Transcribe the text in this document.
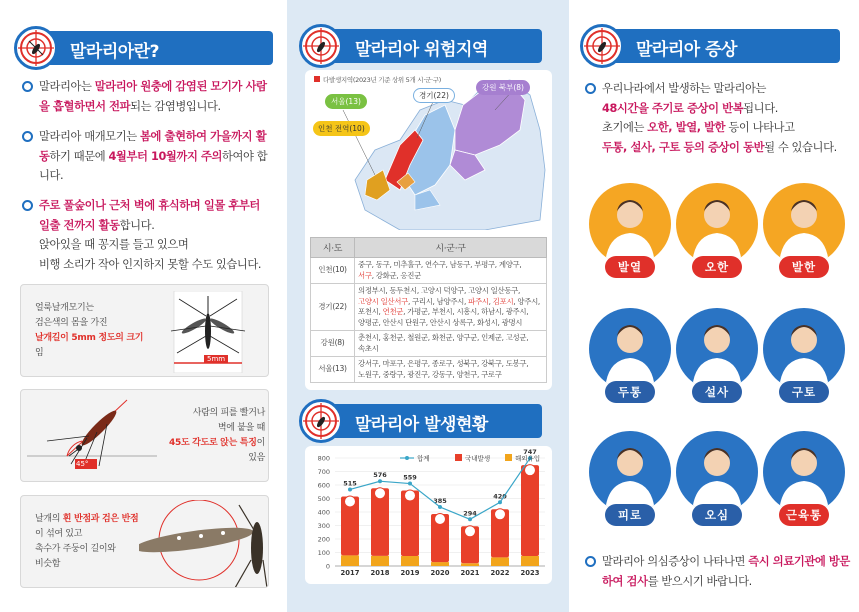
말라리아란?
말라리아는 말라리아 원충에 감염된 모기가 사람을 흡혈하면서 전파되는 감염병입니다.
말라리아 매개모기는 봄에 출현하여 가을까지 활동하기 때문에 4월부터 10월까지 주의하여야 합니다.
주로 풀숲이나 근처 벽에 휴식하며 일몰 후부터 일출 전까지 활동합니다.
앉아있을 때 꽁지를 들고 있으며
비행 소리가 작아 인지하지 못할 수도 있습니다.
얼룩날개모기는
검은색의 몸을 가진
날개길이 5mm 정도의 크기임
5mm
45°
사람의 피를 빨거나
벽에 붙을 때
45도 각도로 앉는 특징이 있음
날개의 흰 반점과 검은 반점이 섞여 있고
촉수가 주둥이 길이와
비슷함
말라리아 위험지역
다발생지역(2023년 기준 상위 5개 시·군·구)
강원 북부(8)
경기(22)
서울(13)
인천 전역(10)
시·도	시·군·구
인천(10)	중구, 동구, 미추홀구, 연수구, 남동구, 부평구, 계양구,
서구, 강화군, 옹진군
경기(22)	의정부시, 동두천시, 고양시 덕양구, 고양시 일산동구,
고양시 일산서구, 구리시, 남양주시, 파주시, 김포시, 양주시,
포천시, 연천군, 가평군, 부천시, 시흥시, 하남시, 광주시,
양평군, 안산시 단원구, 안산시 상록구, 화성시, 광명시
강원(8)	춘천시, 홍천군, 철원군, 화천군, 양구군, 인제군, 고성군,
속초시
서울(13)	강서구, 마포구, 은평구, 종로구, 성북구, 강북구, 도봉구,
노원구, 중랑구, 광진구, 강동구, 양천구, 구로구
말라리아 발생현황
0
100
200
300
400
500
600
700
800
2017
515
2018
576
2019
559
2020
385
2021
294
2022
420
2023
747
합계	국내발생	해외유입
말라리아 증상
우리나라에서 발생하는 말라리아는
48시간을 주기로 증상이 반복됩니다.
초기에는 오한, 발열, 발한 등이 나타나고
두통, 설사, 구토 등의 증상이 동반될 수 있습니다.
발열	오한	발한
두통	설사	구토
피로	오심	근육통
말라리아 의심증상이 나타나면 즉시 의료기관에 방문하여 검사를 받으시기 바랍니다.
